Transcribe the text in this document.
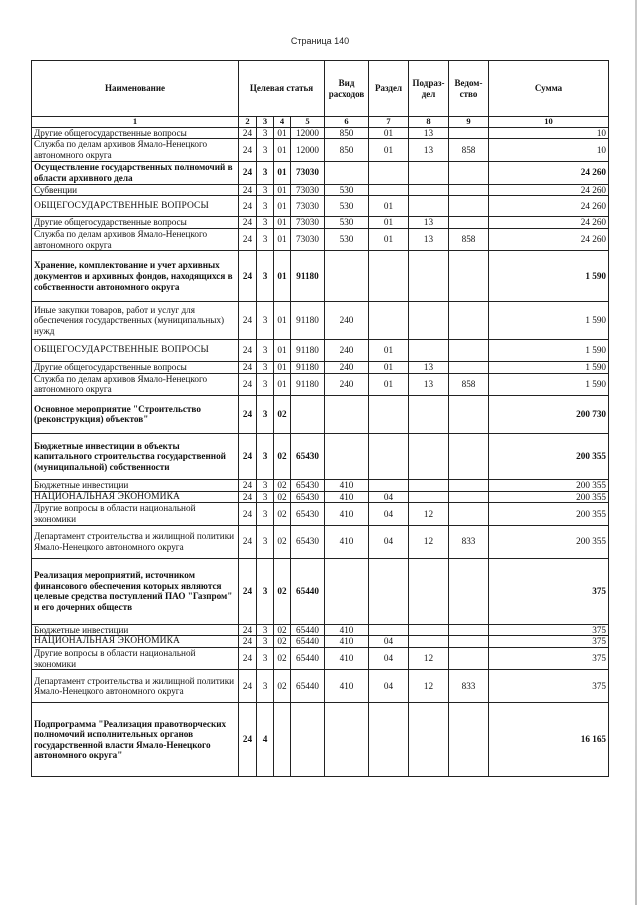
Страница 140
Наименование	Целевая статья				Вид расходов	Раздел	Подраз-дел	Ведом-ство	Сумма
1	2	3	4	5	6	7	8	9	10
Другие общегосударственные вопросы	24	3	01	12000	850	01	13		10
Служба по делам архивов Ямало-Ненецкого автономного округа	24	3	01	12000	850	01	13	858	10
Осуществление государственных полномочий в области архивного дела	24	3	01	73030					24 260
Субвенции	24	3	01	73030	530				24 260
ОБЩЕГОСУДАРСТВЕННЫЕ ВОПРОСЫ	24	3	01	73030	530	01			24 260
Другие общегосударственные вопросы	24	3	01	73030	530	01	13		24 260
Служба по делам архивов Ямало-Ненецкого автономного округа	24	3	01	73030	530	01	13	858	24 260
Хранение, комплектование и учет архивных документов и архивных фондов, находящихся в собственности автономного округа	24	3	01	91180					1 590
Иные закупки товаров, работ и услуг для обеспечения государственных (муниципальных) нужд	24	3	01	91180	240				1 590
ОБЩЕГОСУДАРСТВЕННЫЕ ВОПРОСЫ	24	3	01	91180	240	01			1 590
Другие общегосударственные вопросы	24	3	01	91180	240	01	13		1 590
Служба по делам архивов Ямало-Ненецкого автономного округа	24	3	01	91180	240	01	13	858	1 590
Основное мероприятие "Строительство (реконструкция) объектов"	24	3	02						200 730
Бюджетные инвестиции в объекты капитального строительства государственной (муниципальной) собственности	24	3	02	65430					200 355
Бюджетные инвестиции	24	3	02	65430	410				200 355
НАЦИОНАЛЬНАЯ ЭКОНОМИКА	24	3	02	65430	410	04			200 355
Другие вопросы в области национальной экономики	24	3	02	65430	410	04	12		200 355
Департамент строительства и жилищной политики Ямало-Ненецкого автономного округа	24	3	02	65430	410	04	12	833	200 355
Реализация мероприятий, источником финансового обеспечения которых являются целевые средства поступлений ПАО "Газпром" и его дочерних обществ	24	3	02	65440					375
Бюджетные инвестиции	24	3	02	65440	410				375
НАЦИОНАЛЬНАЯ ЭКОНОМИКА	24	3	02	65440	410	04			375
Другие вопросы в области национальной экономики	24	3	02	65440	410	04	12		375
Департамент строительства и жилищной политики Ямало-Ненецкого автономного округа	24	3	02	65440	410	04	12	833	375
Подпрограмма "Реализация правотворческих полномочий исполнительных органов государственной власти Ямало-Ненецкого автономного округа"	24	4							16 165
